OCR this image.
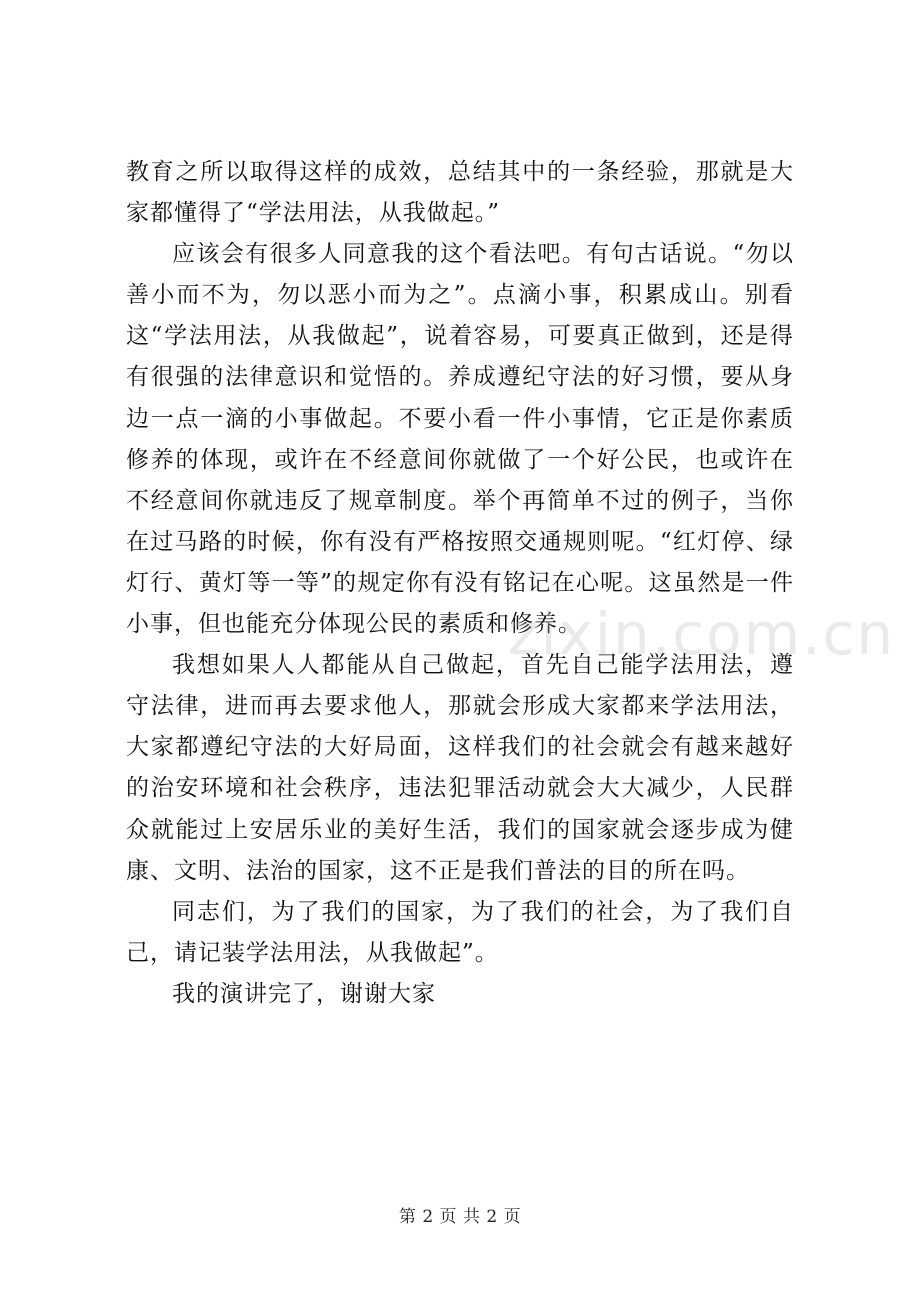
教育之所以取得这样的成效，总结其中的一条经验，那就是大家都懂得了“学法用法，从我做起。”

应该会有很多人同意我的这个看法吧。有句古话说。“勿以善小而不为，勿以恶小而为之”。点滴小事，积累成山。别看这“学法用法，从我做起”，说着容易，可要真正做到，还是得有很强的法律意识和觉悟的。养成遵纪守法的好习惯，要从身边一点一滴的小事做起。不要小看一件小事情，它正是你素质修养的体现，或许在不经意间你就做了一个好公民，也或许在不经意间你就违反了规章制度。举个再简单不过的例子，当你在过马路的时候，你有没有严格按照交通规则呢。“红灯停、绿灯行、黄灯等一等”的规定你有没有铭记在心呢。这虽然是一件小事，但也能充分体现公民的素质和修养。

我想如果人人都能从自己做起，首先自己能学法用法，遵守法律，进而再去要求他人，那就会形成大家都来学法用法，大家都遵纪守法的大好局面，这样我们的社会就会有越来越好的治安环境和社会秩序，违法犯罪活动就会大大减少，人民群众就能过上安居乐业的美好生活，我们的国家就会逐步成为健康、文明、法治的国家，这不正是我们普法的目的所在吗。

同志们，为了我们的国家，为了我们的社会，为了我们自己，请记装学法用法，从我做起”。

我的演讲完了，谢谢大家

zixin.com.cn
第 2 页 共 2 页
